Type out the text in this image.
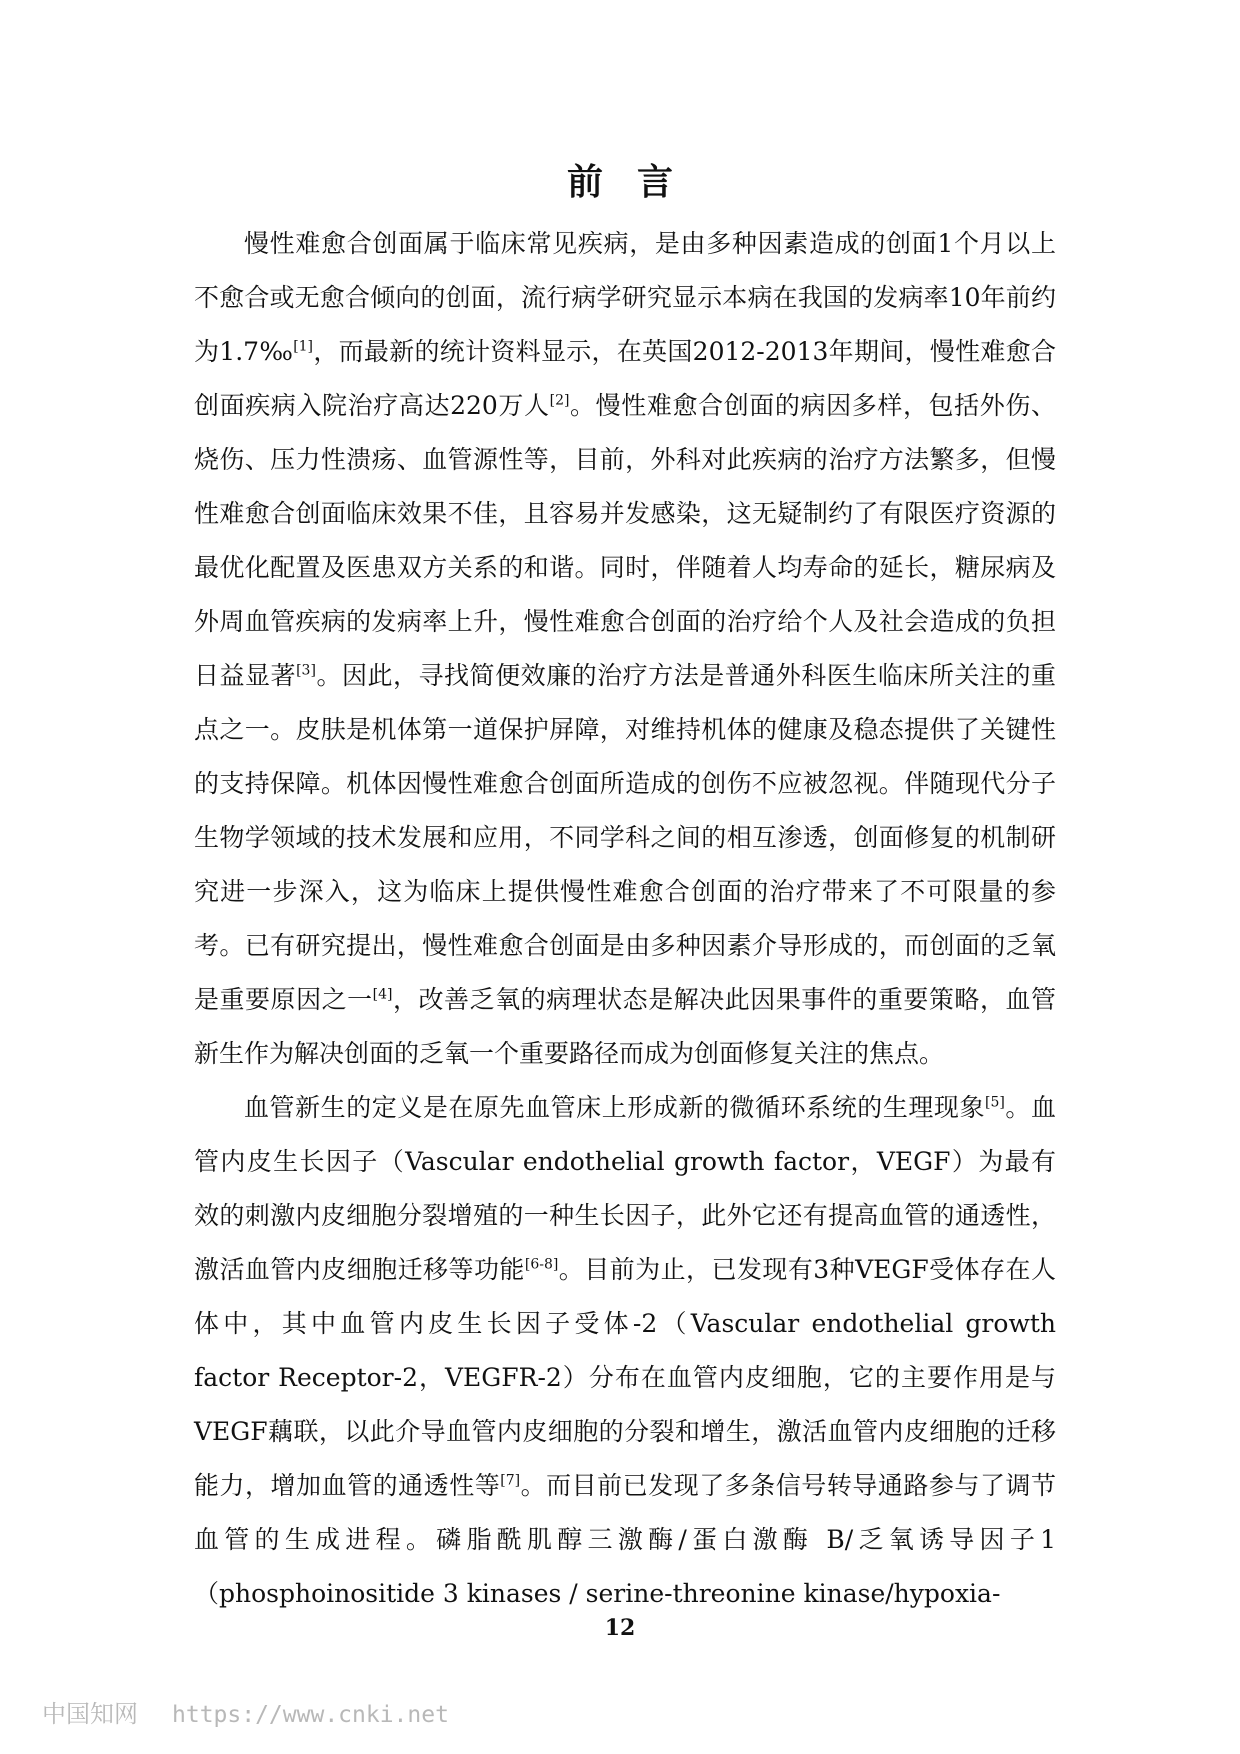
前言

慢性难愈合创面属于临床常见疾病，是由多种因素造成的创面1个月以上不愈合或无愈合倾向的创面，流行病学研究显示本病在我国的发病率10年前约为1.7‰[1]，而最新的统计资料显示，在英国2012-2013年期间，慢性难愈合创面疾病入院治疗高达220万人[2]。慢性难愈合创面的病因多样，包括外伤、烧伤、压力性溃疡、血管源性等，目前，外科对此疾病的治疗方法繁多，但慢性难愈合创面临床效果不佳，且容易并发感染，这无疑制约了有限医疗资源的最优化配置及医患双方关系的和谐。同时，伴随着人均寿命的延长，糖尿病及外周血管疾病的发病率上升，慢性难愈合创面的治疗给个人及社会造成的负担日益显著[3]。因此，寻找简便效廉的治疗方法是普通外科医生临床所关注的重点之一。皮肤是机体第一道保护屏障，对维持机体的健康及稳态提供了关键性的支持保障。机体因慢性难愈合创面所造成的创伤不应被忽视。伴随现代分子生物学领域的技术发展和应用，不同学科之间的相互渗透，创面修复的机制研究进一步深入，这为临床上提供慢性难愈合创面的治疗带来了不可限量的参考。已有研究提出，慢性难愈合创面是由多种因素介导形成的，而创面的乏氧是重要原因之一[4]，改善乏氧的病理状态是解决此因果事件的重要策略，血管新生作为解决创面的乏氧一个重要路径而成为创面修复关注的焦点。

血管新生的定义是在原先血管床上形成新的微循环系统的生理现象[5]。血管内皮生长因子（Vascular endothelial growth factor，VEGF）为最有效的刺激内皮细胞分裂增殖的一种生长因子，此外它还有提高血管的通透性，激活血管内皮细胞迁移等功能[6-8]。目前为止，已发现有3种VEGF受体存在人体中，其中血管内皮生长因子受体-2（Vascular endothelial growth factor Receptor-2，VEGFR-2）分布在血管内皮细胞，它的主要作用是与VEGF藕联，以此介导血管内皮细胞的分裂和增生，激活血管内皮细胞的迁移能力，增加血管的通透性等[7]。而目前已发现了多条信号转导通路参与了调节血管的生成进程。磷脂酰肌醇三激酶/蛋白激酶 B/乏氧诱导因子1（phosphoinositide 3 kinases / serine-threonine kinase/hypoxia-

12
中国知网 https://www.cnki.net
